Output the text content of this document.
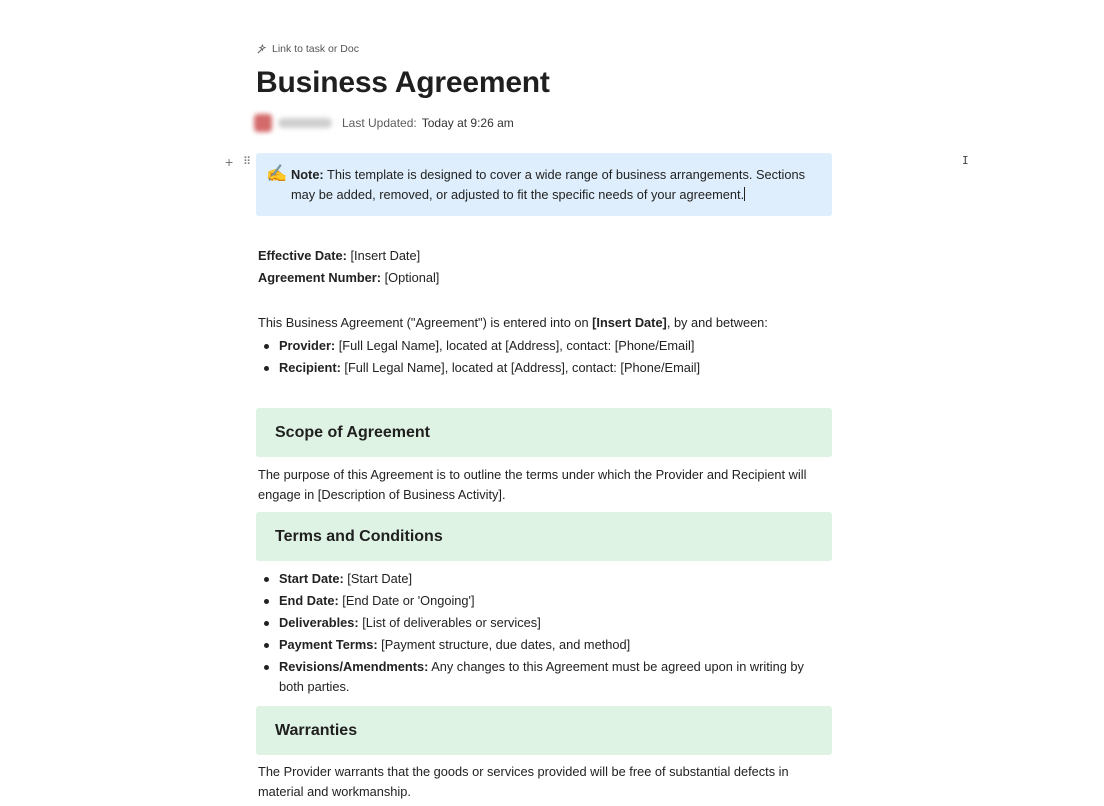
Link to task or Doc
Business Agreement
Last Updated: Today at 9:26 am
+ ⠿	I
✍️ Note: This template is designed to cover a wide range of business arrangements. Sections may be added, removed, or adjusted to fit the specific needs of your agreement.
Effective Date: [Insert Date]
Agreement Number: [Optional]
This Business Agreement ("Agreement") is entered into on [Insert Date], by and between:
Provider: [Full Legal Name], located at [Address], contact: [Phone/Email]
Recipient: [Full Legal Name], located at [Address], contact: [Phone/Email]
Scope of Agreement
The purpose of this Agreement is to outline the terms under which the Provider and Recipient will engage in [Description of Business Activity].
Terms and Conditions
Start Date: [Start Date]
End Date: [End Date or 'Ongoing']
Deliverables: [List of deliverables or services]
Payment Terms: [Payment structure, due dates, and method]
Revisions/Amendments: Any changes to this Agreement must be agreed upon in writing by both parties.
Warranties
The Provider warrants that the goods or services provided will be free of substantial defects in material and workmanship.
